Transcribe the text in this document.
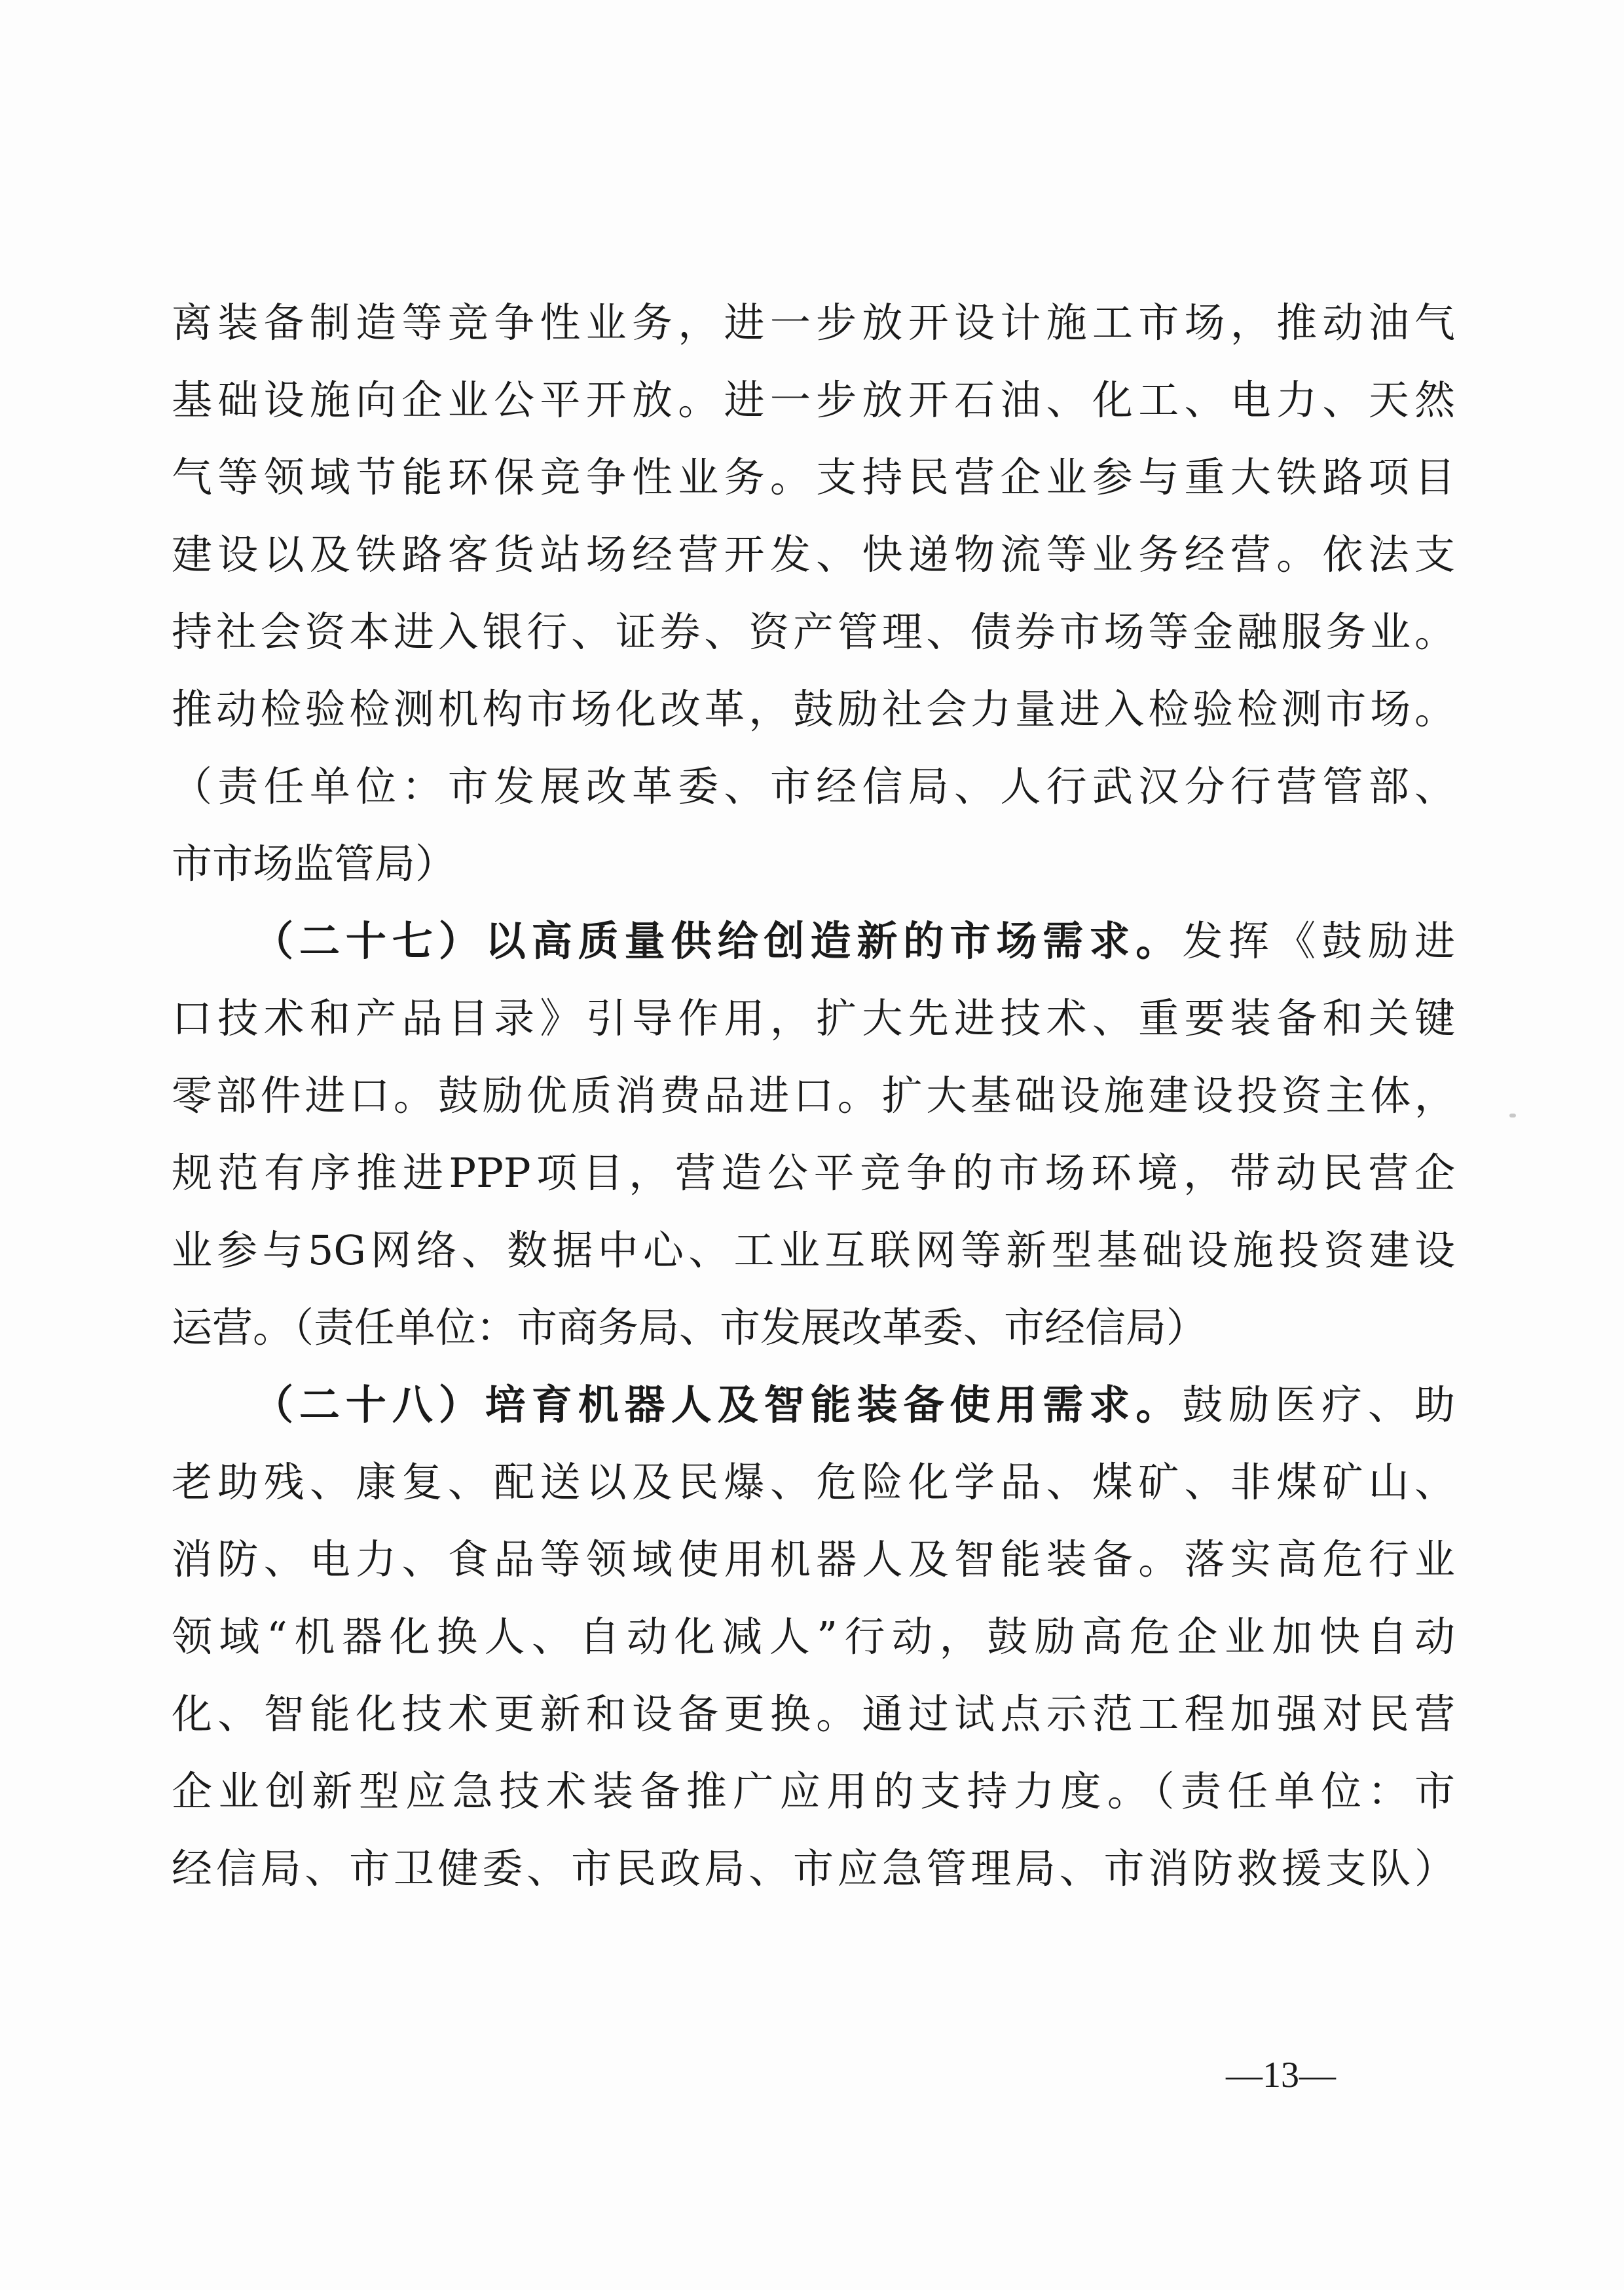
离装备制造等竞争性业务，进一步放开设计施工市场，推动油气
基础设施向企业公平开放。进一步放开石油、化工、电力、天然
气等领域节能环保竞争性业务。支持民营企业参与重大铁路项目
建设以及铁路客货站场经营开发、快递物流等业务经营。依法支
持社会资本进入银行、证券、资产管理、债券市场等金融服务业。
推动检验检测机构市场化改革，鼓励社会力量进入检验检测市场。
（责任单位：市发展改革委、市经信局、人行武汉分行营管部、
市市场监管局）
（二十七）以高质量供给创造新的市场需求。发挥《鼓励进
口技术和产品目录》引导作用，扩大先进技术、重要装备和关键
零部件进口。鼓励优质消费品进口。扩大基础设施建设投资主体，
规范有序推进PPP项目，营造公平竞争的市场环境，带动民营企
业参与5G网络、数据中心、工业互联网等新型基础设施投资建设
运营。（责任单位：市商务局、市发展改革委、市经信局）
（二十八）培育机器人及智能装备使用需求。鼓励医疗、助
老助残、康复、配送以及民爆、危险化学品、煤矿、非煤矿山、
消防、电力、食品等领域使用机器人及智能装备。落实高危行业
领域“机器化换人、自动化减人”行动，鼓励高危企业加快自动
化、智能化技术更新和设备更换。通过试点示范工程加强对民营
企业创新型应急技术装备推广应用的支持力度。（责任单位：市
经信局、市卫健委、市民政局、市应急管理局、市消防救援支队）
—13—
